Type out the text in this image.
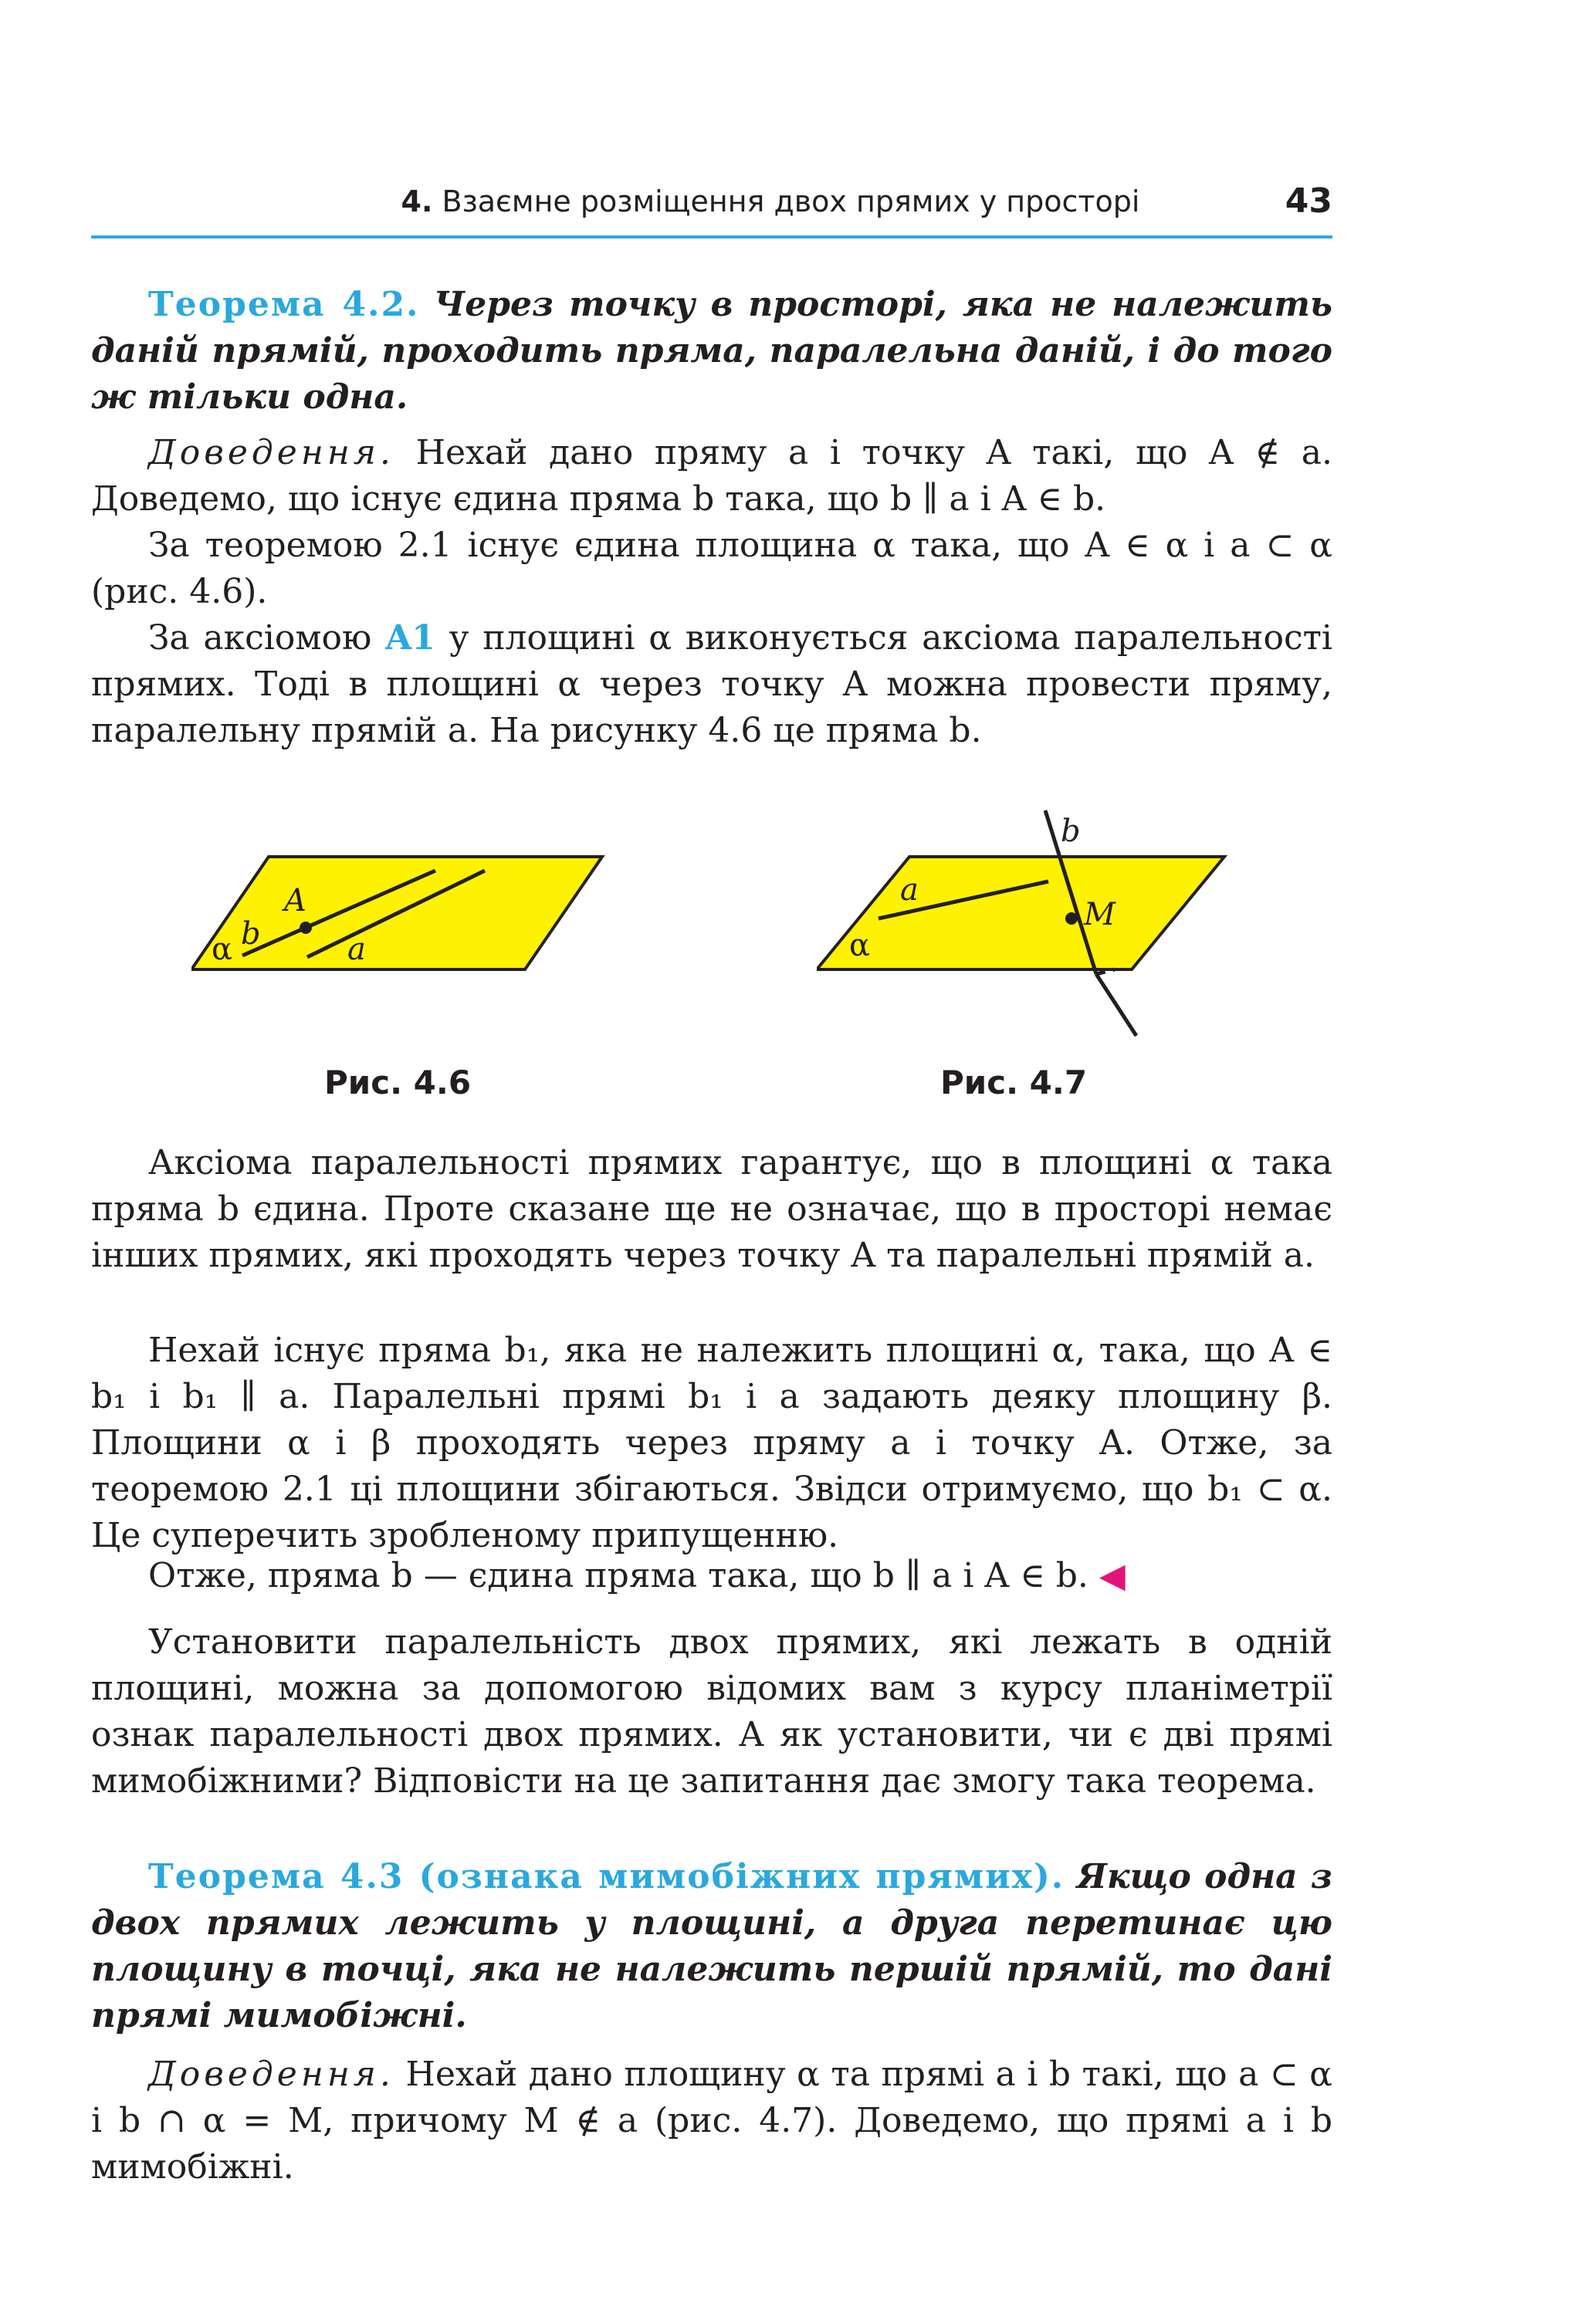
4. Взаємне розміщення двох прямих у просторі	43

Теорема 4.2. Через точку в просторі, яка не належить даній прямій, проходить пряма, паралельна даній, і до того ж тільки одна.

Доведення. Нехай дано пряму a і точку A такі, що A ∉ a. Доведемо, що існує єдина пряма b така, що b ∥ a і A ∈ b.

За теоремою 2.1 існує єдина площина α така, що A ∈ α і a ⊂ α (рис. 4.6).

За аксіомою A1 у площині α виконується аксіома паралельності прямих. Тоді в площині α через точку A можна провести пряму, паралельну прямій a. На рисунку 4.6 це пряма b.

α
A
b	a
Рис. 4.6
b
a
M
α
Рис. 4.7

Аксіома паралельності прямих гарантує, що в площині α така пряма b єдина. Проте сказане ще не означає, що в просторі немає інших прямих, які проходять через точку A та паралельні прямій a.

Нехай існує пряма b₁, яка не належить площині α, така, що A ∈ b₁ і b₁ ∥ a. Паралельні прямі b₁ і a задають деяку площину β. Площини α і β проходять через пряму a і точку A. Отже, за теоремою 2.1 ці площини збігаються. Звідси отримуємо, що b₁ ⊂ α. Це суперечить зробленому припущенню.

Отже, пряма b — єдина пряма така, що b ∥ a і A ∈ b. ◀

Установити паралельність двох прямих, які лежать в одній площині, можна за допомогою відомих вам з курсу планіметрії ознак паралельності двох прямих. А як установити, чи є дві прямі мимобіжними? Відповісти на це запитання дає змогу така теорема.

Теорема 4.3 (ознака мимобіжних прямих). Якщо одна з двох прямих лежить у площині, а друга перетинає цю площину в точці, яка не належить першій прямій, то дані прямі мимобіжні.

Доведення. Нехай дано площину α та прямі a і b такі, що a ⊂ α і b ∩ α = M, причому M ∉ a (рис. 4.7). Доведемо, що прямі a і b мимобіжні.
